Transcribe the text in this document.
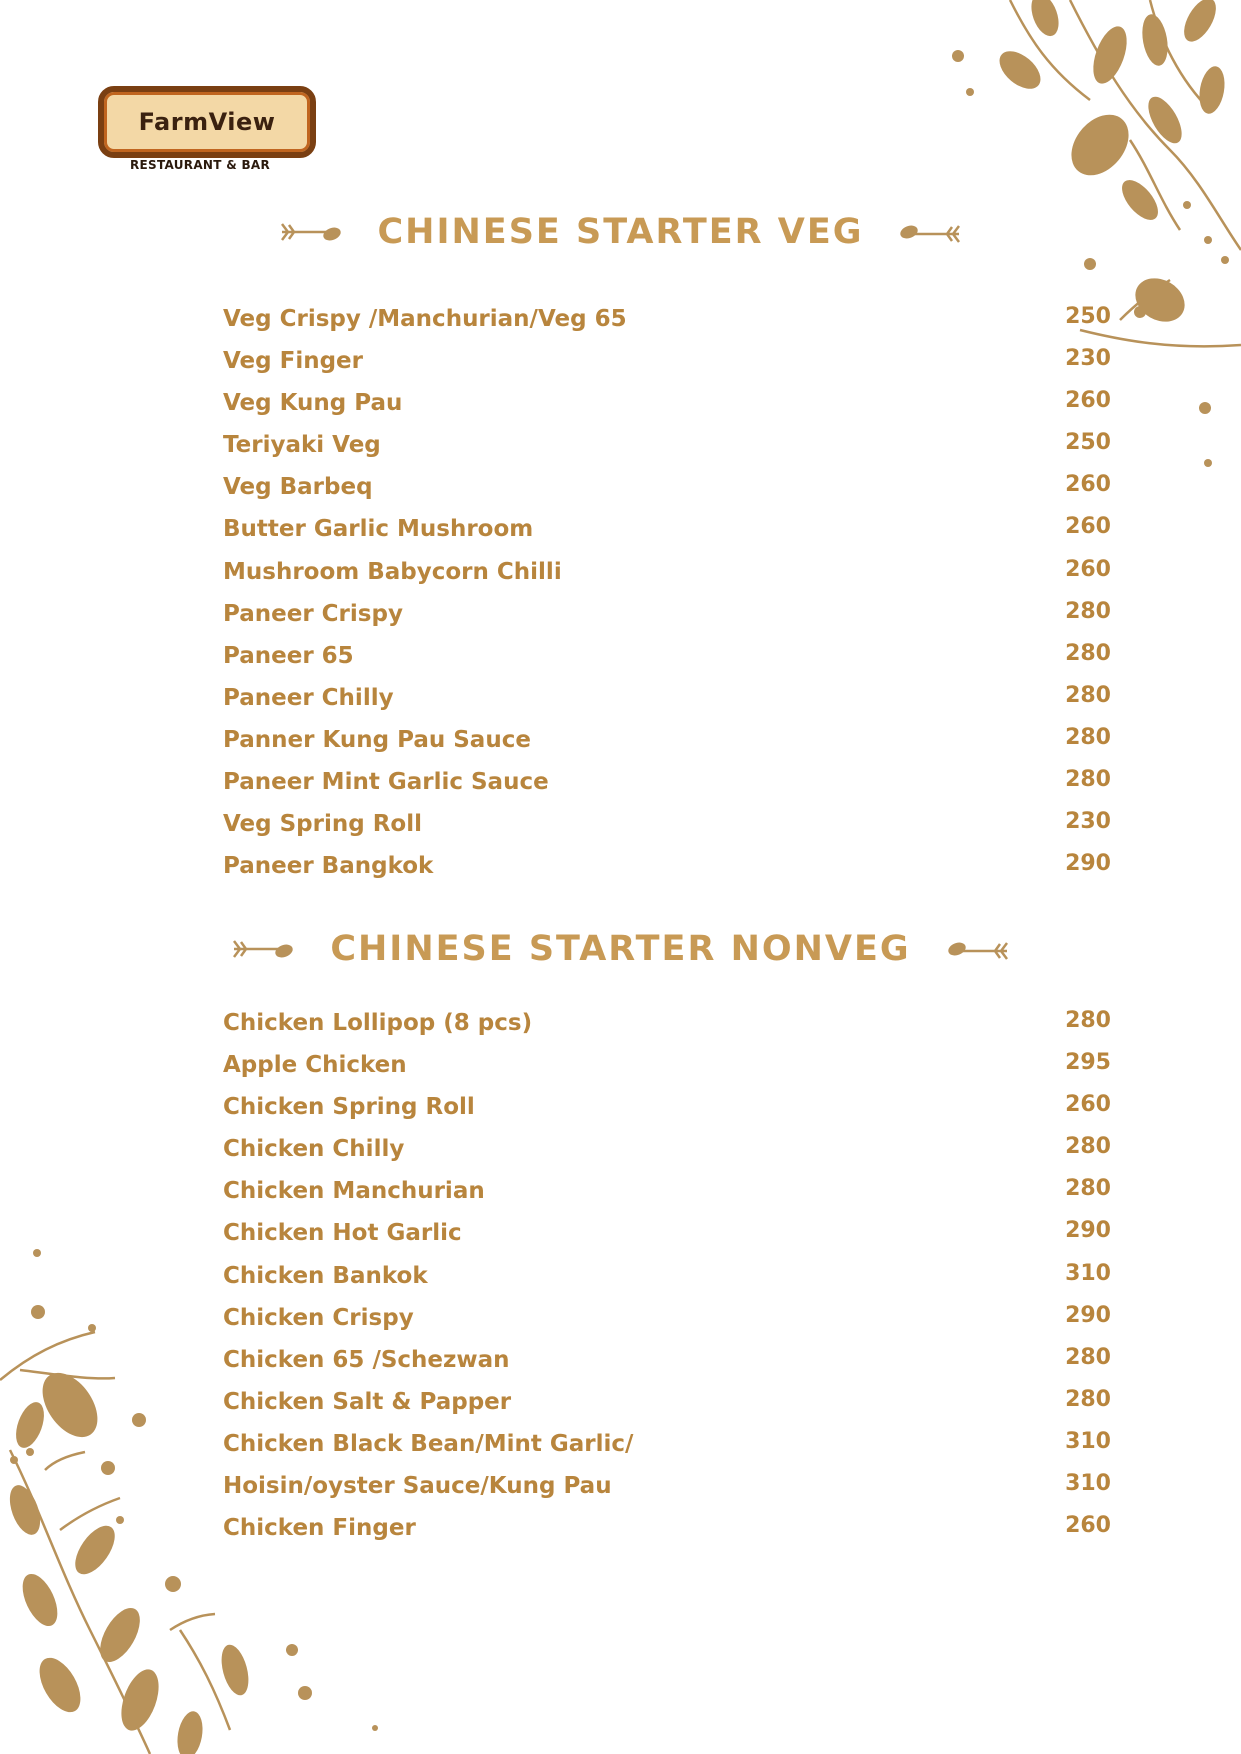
FarmView
RESTAURANT & BAR
CHINESE STARTER VEG
Veg Crispy /Manchurian/Veg 65	250
Veg Finger	230
Veg Kung Pau	260
Teriyaki Veg	250
Veg Barbeq	260
Butter Garlic Mushroom	260
Mushroom Babycorn Chilli	260
Paneer Crispy	280
Paneer 65	280
Paneer Chilly	280
Panner Kung Pau Sauce	280
Paneer Mint Garlic Sauce	280
Veg Spring Roll	230
Paneer Bangkok	290
CHINESE STARTER NONVEG
Chicken Lollipop (8 pcs)	280
Apple Chicken	295
Chicken Spring Roll	260
Chicken Chilly	280
Chicken Manchurian	280
Chicken Hot Garlic	290
Chicken Bankok	310
Chicken Crispy	290
Chicken 65 /Schezwan	280
Chicken Salt & Papper	280
Chicken Black Bean/Mint Garlic/	310
Hoisin/oyster Sauce/Kung Pau	310
Chicken Finger	260
